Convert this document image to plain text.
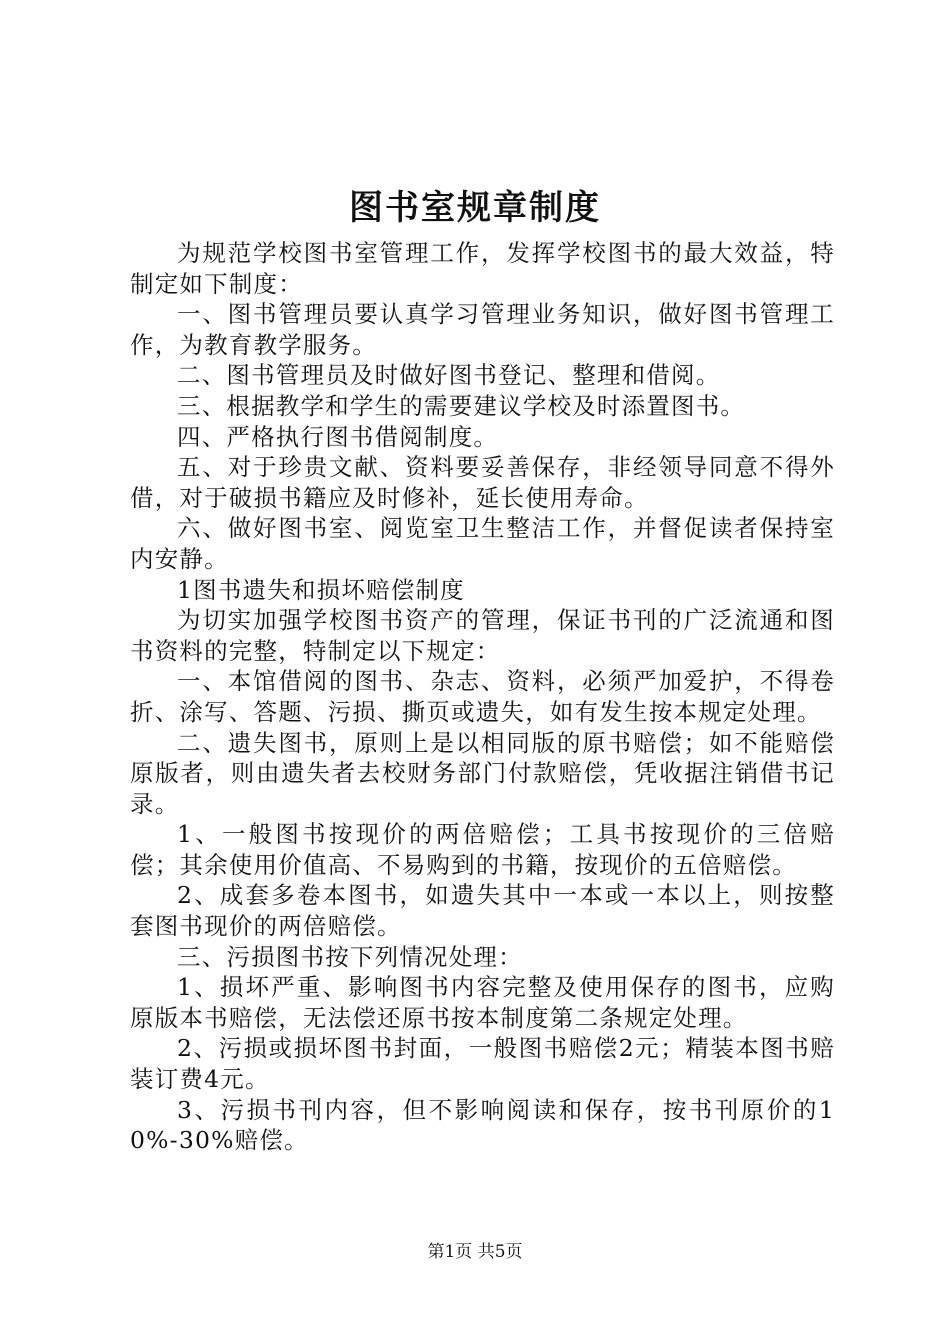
图书室规章制度

为规范学校图书室管理工作，发挥学校图书的最大效益，特制定如下制度：

一、图书管理员要认真学习管理业务知识，做好图书管理工作，为教育教学服务。

二、图书管理员及时做好图书登记、整理和借阅。

三、根据教学和学生的需要建议学校及时添置图书。

四、严格执行图书借阅制度。

五、对于珍贵文献、资料要妥善保存，非经领导同意不得外借，对于破损书籍应及时修补，延长使用寿命。

六、做好图书室、阅览室卫生整洁工作，并督促读者保持室内安静。

1图书遗失和损坏赔偿制度

为切实加强学校图书资产的管理，保证书刊的广泛流通和图书资料的完整，特制定以下规定：

一、本馆借阅的图书、杂志、资料，必须严加爱护，不得卷折、涂写、答题、污损、撕页或遗失，如有发生按本规定处理。

二、遗失图书，原则上是以相同版的原书赔偿；如不能赔偿原版者，则由遗失者去校财务部门付款赔偿，凭收据注销借书记录。

1、一般图书按现价的两倍赔偿；工具书按现价的三倍赔偿；其余使用价值高、不易购到的书籍，按现价的五倍赔偿。

2、成套多卷本图书，如遗失其中一本或一本以上，则按整套图书现价的两倍赔偿。

三、污损图书按下列情况处理：

1、损坏严重、影响图书内容完整及使用保存的图书，应购原版本书赔偿，无法偿还原书按本制度第二条规定处理。

2、污损或损坏图书封面，一般图书赔偿2元；精装本图书赔装订费4元。

3、污损书刊内容，但不影响阅读和保存，按书刊原价的10%-30%赔偿。

第1页 共5页
